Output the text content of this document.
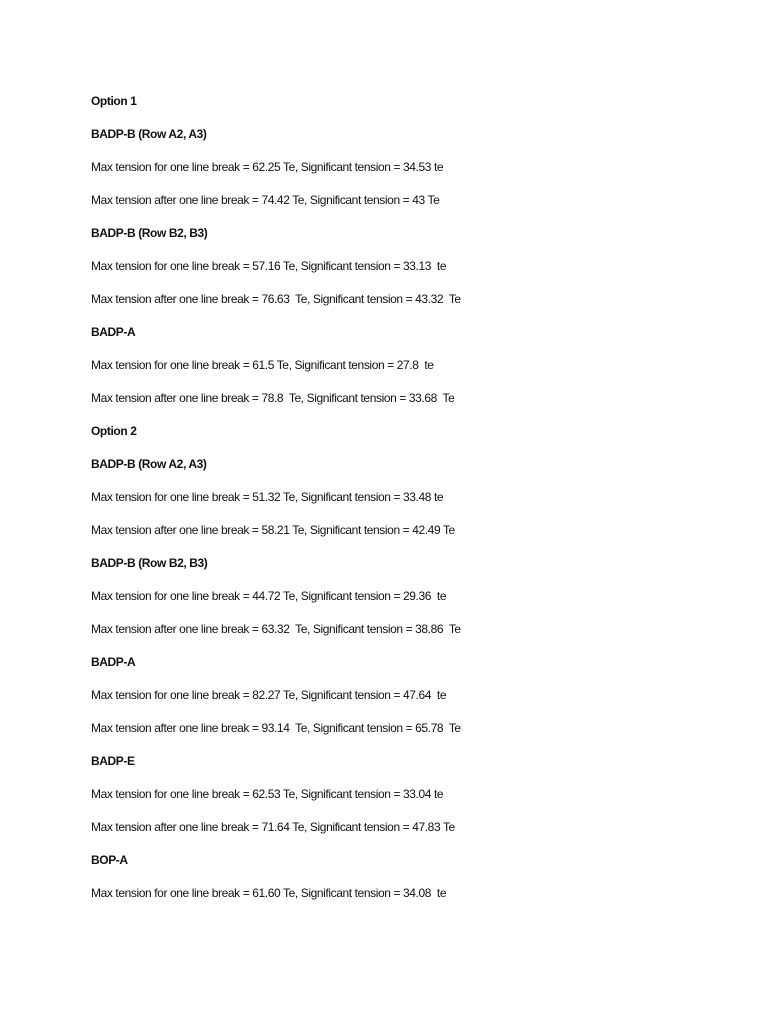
Option 1
BADP-B (Row A2, A3)
Max tension for one line break = 62.25 Te, Significant tension = 34.53 te
Max tension after one line break = 74.42 Te, Significant tension = 43 Te
BADP-B (Row B2, B3)
Max tension for one line break = 57.16 Te, Significant tension = 33.13  te
Max tension after one line break = 76.63  Te, Significant tension = 43.32  Te
BADP-A
Max tension for one line break = 61.5 Te, Significant tension = 27.8  te
Max tension after one line break = 78.8  Te, Significant tension = 33.68  Te
Option 2
BADP-B (Row A2, A3)
Max tension for one line break = 51.32 Te, Significant tension = 33.48 te
Max tension after one line break = 58.21 Te, Significant tension = 42.49 Te
BADP-B (Row B2, B3)
Max tension for one line break = 44.72 Te, Significant tension = 29.36  te
Max tension after one line break = 63.32  Te, Significant tension = 38.86  Te
BADP-A
Max tension for one line break = 82.27 Te, Significant tension = 47.64  te
Max tension after one line break = 93.14  Te, Significant tension = 65.78  Te
BADP-E
Max tension for one line break = 62.53 Te, Significant tension = 33.04 te
Max tension after one line break = 71.64 Te, Significant tension = 47.83 Te
BOP-A
Max tension for one line break = 61.60 Te, Significant tension = 34.08  te
